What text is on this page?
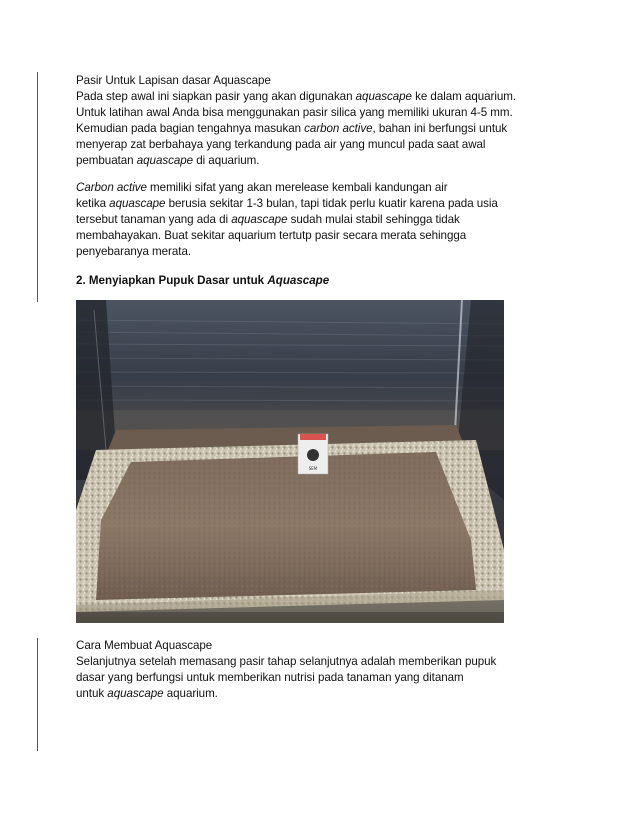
Pasir Untuk Lapisan dasar Aquascape
Pada step awal ini siapkan pasir yang akan digunakan aquascape ke dalam aquarium.
Untuk latihan awal Anda bisa menggunakan pasir silica yang memiliki ukuran 4-5 mm.
Kemudian pada bagian tengahnya masukan carbon active, bahan ini berfungsi untuk
menyerap zat berbahaya yang terkandung pada air yang muncul pada saat awal
pembuatan aquascape di aquarium.
Carbon active memiliki sifat yang akan merelease kembali kandungan air
ketika aquascape berusia sekitar 1-3 bulan, tapi tidak perlu kuatir karena pada usia
tersebut tanaman yang ada di aquascape sudah mulai stabil sehingga tidak
membahayakan. Buat sekitar aquarium tertutp pasir secara merata sehingga
penyebaranya merata.
2. Menyiapkan Pupuk Dasar untuk Aquascape
SEM
Cara Membuat Aquascape
Selanjutnya setelah memasang pasir tahap selanjutnya adalah memberikan pupuk
dasar yang berfungsi untuk memberikan nutrisi pada tanaman yang ditanam
untuk aquascape aquarium.
